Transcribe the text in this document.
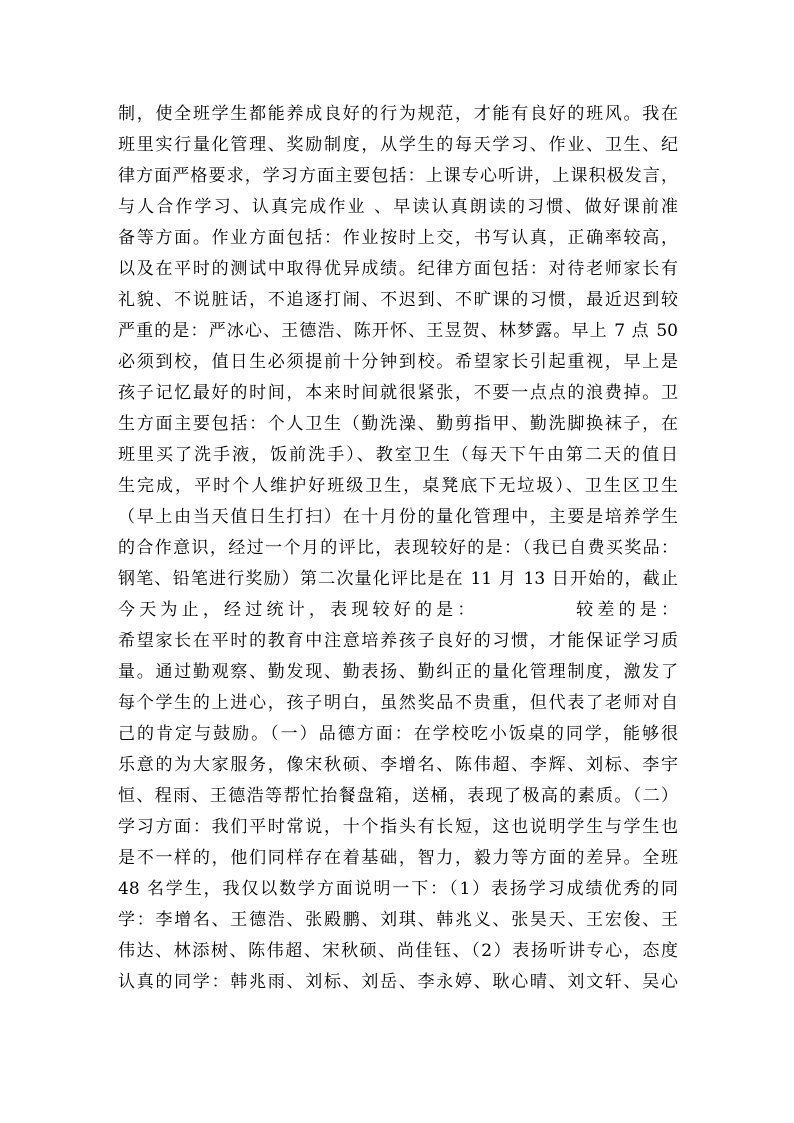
制，使全班学生都能养成良好的行为规范，才能有良好的班风。我在
班里实行量化管理、奖励制度，从学生的每天学习、作业、卫生、纪
律方面严格要求，学习方面主要包括：上课专心听讲，上课积极发言，
与人合作学习、认真完成作业 、早读认真朗读的习惯、做好课前准
备等方面。作业方面包括：作业按时上交，书写认真，正确率较高，
以及在平时的测试中取得优异成绩。纪律方面包括：对待老师家长有
礼貌、不说脏话，不追逐打闹、不迟到、不旷课的习惯，最近迟到较
严重的是：严冰心、王德浩、陈开怀、王昱贺、林梦露。早上 7 点 50
必须到校，值日生必须提前十分钟到校。希望家长引起重视，早上是
孩子记忆最好的时间，本来时间就很紧张，不要一点点的浪费掉。卫
生方面主要包括：个人卫生（勤洗澡、勤剪指甲、勤洗脚换袜子，在
班里买了洗手液，饭前洗手）、教室卫生（每天下午由第二天的值日
生完成，平时个人维护好班级卫生，桌凳底下无垃圾）、卫生区卫生
（早上由当天值日生打扫）在十月份的量化管理中，主要是培养学生
的合作意识，经过一个月的评比，表现较好的是：（我已自费买奖品：
钢笔、铅笔进行奖励）第二次量化评比是在 11 月 13 日开始的，截止
今天为止，经过统计，表现较好的是：　　　　　较差的是：
希望家长在平时的教育中注意培养孩子良好的习惯，才能保证学习质
量。通过勤观察、勤发现、勤表扬、勤纠正的量化管理制度，激发了
每个学生的上进心，孩子明白，虽然奖品不贵重，但代表了老师对自
己的肯定与鼓励。（一）品德方面：在学校吃小饭桌的同学，能够很
乐意的为大家服务，像宋秋硕、李增名、陈伟超、李辉、刘标、李宇
恒、程雨、王德浩等帮忙抬餐盘箱，送桶，表现了极高的素质。（二）
学习方面：我们平时常说，十个指头有长短，这也说明学生与学生也
是不一样的，他们同样存在着基础，智力，毅力等方面的差异。全班
48 名学生，我仅以数学方面说明一下：（1）表扬学习成绩优秀的同
学：李增名、王德浩、张殿鹏、刘琪、韩兆义、张昊天、王宏俊、王
伟达、林添树、陈伟超、宋秋硕、尚佳钰、（2）表扬听讲专心，态度
认真的同学：韩兆雨、刘标、刘岳、李永婷、耿心晴、刘文轩、吴心
